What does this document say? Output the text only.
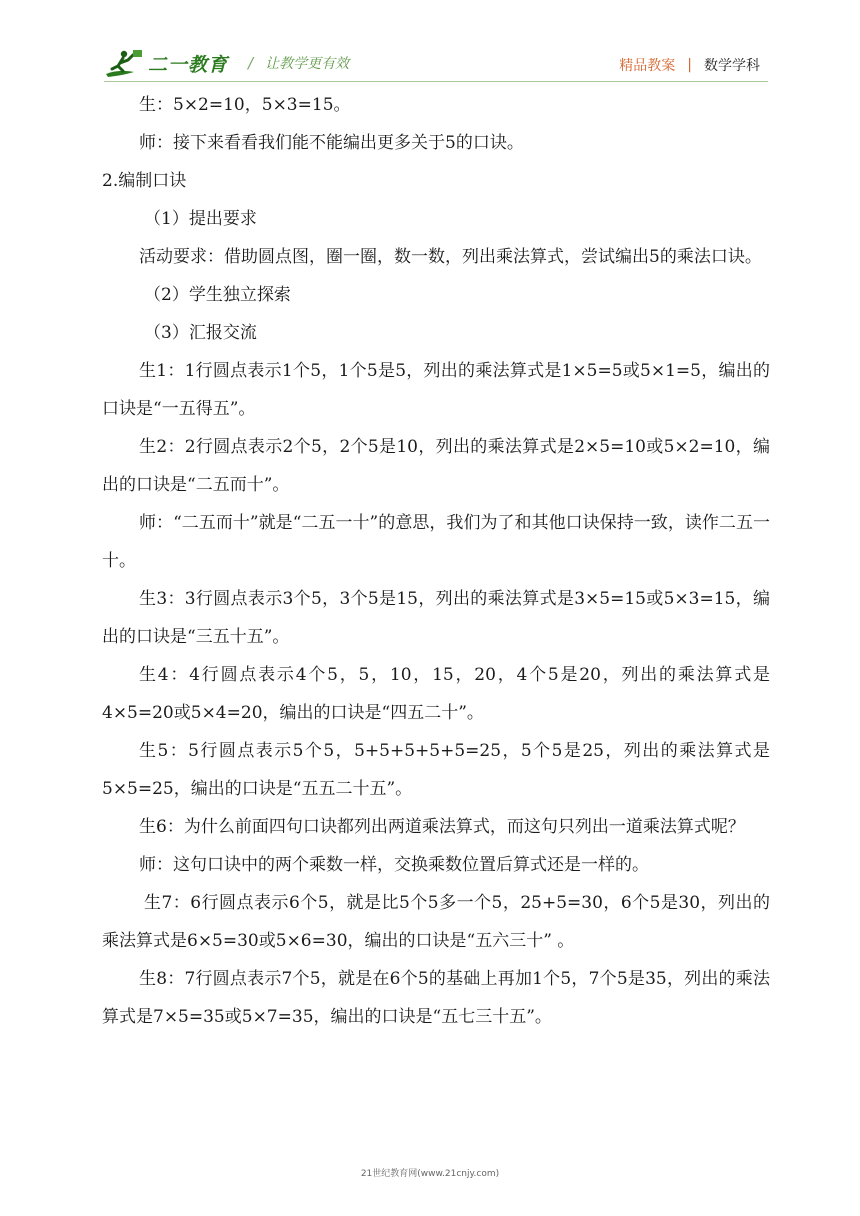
二一教育 / 让教学更有效	精品教案 | 数学学科

生：5×2=10，5×3=15。

师：接下来看看我们能不能编出更多关于5的口诀。

2.编制口诀

（1）提出要求

活动要求：借助圆点图，圈一圈，数一数，列出乘法算式，尝试编出5的乘法口诀。

（2）学生独立探索

（3）汇报交流

生1：1行圆点表示1个5，1个5是5，列出的乘法算式是1×5=5或5×1=5，编出的口诀是“一五得五”。

生2：2行圆点表示2个5，2个5是10，列出的乘法算式是2×5=10或5×2=10，编出的口诀是“二五而十”。

师：“二五而十”就是“二五一十”的意思，我们为了和其他口诀保持一致，读作二五一十。

生3：3行圆点表示3个5，3个5是15，列出的乘法算式是3×5=15或5×3=15，编出的口诀是“三五十五”。

生4：4行圆点表示4个5，5，10，15，20，4个5是20，列出的乘法算式是4×5=20或5×4=20，编出的口诀是“四五二十”。

生5：5行圆点表示5个5，5+5+5+5+5=25，5个5是25，列出的乘法算式是5×5=25，编出的口诀是“五五二十五”。

生6：为什么前面四句口诀都列出两道乘法算式，而这句只列出一道乘法算式呢？

师：这句口诀中的两个乘数一样，交换乘数位置后算式还是一样的。

生7：6行圆点表示6个5，就是比5个5多一个5，25+5=30，6个5是30，列出的乘法算式是6×5=30或5×6=30，编出的口诀是“五六三十” 。

生8：7行圆点表示7个5，就是在6个5的基础上再加1个5，7个5是35，列出的乘法算式是7×5=35或5×7=35，编出的口诀是“五七三十五”。

21世纪教育网(www.21cnjy.com)
